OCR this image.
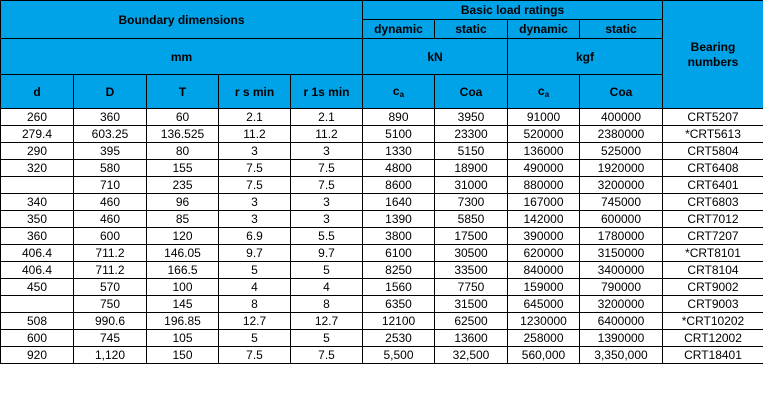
Boundary dimensions					Basic load ratings				Bearing
numbers
					dynamic	static	dynamic	static	
mm					kN		kgf		
d	D	T	r s min	r 1s min	$c_a$	Coa	$c_a$	Coa	
260	360	60	2.1	2.1	890	3950	91000	400000	CRT5207
279.4	603.25	136.525	11.2	11.2	5100	23300	520000	2380000	*CRT5613
290	395	80	3	3	1330	5150	136000	525000	CRT5804
320	580	155	7.5	7.5	4800	18900	490000	1920000	CRT6408
	710	235	7.5	7.5	8600	31000	880000	3200000	CRT6401
340	460	96	3	3	1640	7300	167000	745000	CRT6803
350	460	85	3	3	1390	5850	142000	600000	CRT7012
360	600	120	6.9	5.5	3800	17500	390000	1780000	CRT7207
406.4	711.2	146.05	9.7	9.7	6100	30500	620000	3150000	*CRT8101
406.4	711.2	166.5	5	5	8250	33500	840000	3400000	CRT8104
450	570	100	4	4	1560	7750	159000	790000	CRT9002
	750	145	8	8	6350	31500	645000	3200000	CRT9003
508	990.6	196.85	12.7	12.7	12100	62500	1230000	6400000	*CRT10202
600	745	105	5	5	2530	13600	258000	1390000	CRT12002
920	1,120	150	7.5	7.5	5,500	32,500	560,000	3,350,000	CRT18401
